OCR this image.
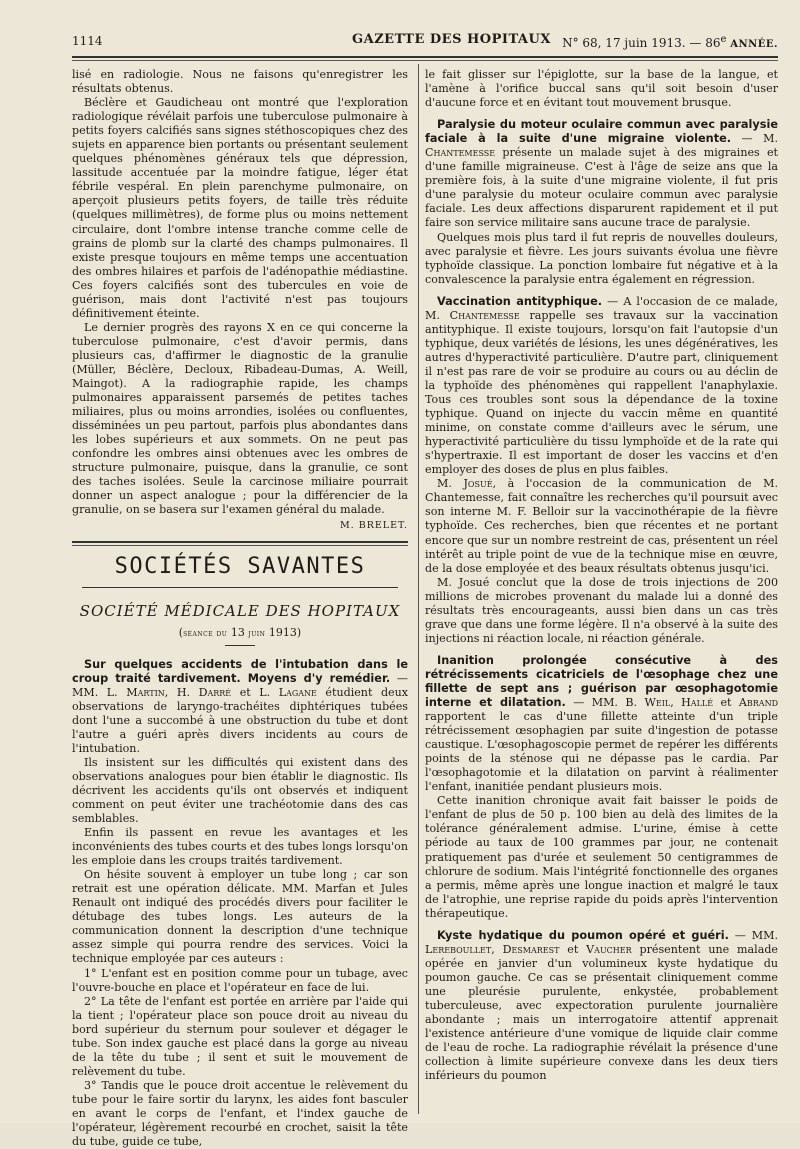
1114	GAZETTE DES HOPITAUX N° 68, 17 juin 1913. — 86e ANNÉE.

lisé en radiologie. Nous ne faisons qu'enregistrer les résultats obtenus.

Béclère et Gaudicheau ont montré que l'exploration radiologique révélait parfois une tuberculose pulmonaire à petits foyers calcifiés sans signes stéthoscopiques chez des sujets en apparence bien portants ou présentant seulement quelques phénomènes généraux tels que dépression, lassitude accentuée par la moindre fatigue, léger état fébrile vespéral. En plein parenchyme pulmonaire, on aperçoit plusieurs petits foyers, de taille très réduite (quelques millimètres), de forme plus ou moins nettement circulaire, dont l'ombre intense tranche comme celle de grains de plomb sur la clarté des champs pulmonaires. Il existe presque toujours en même temps une accentuation des ombres hilaires et parfois de l'adénopathie médiastine. Ces foyers calcifiés sont des tubercules en voie de guérison, mais dont l'activité n'est pas toujours définitivement éteinte.

Le dernier progrès des rayons X en ce qui concerne la tuberculose pulmonaire, c'est d'avoir permis, dans plusieurs cas, d'affirmer le diagnostic de la granulie (Müller, Béclère, Decloux, Ribadeau-Dumas, A. Weill, Maingot). A la radiographie rapide, les champs pulmonaires apparaissent parsemés de petites taches miliaires, plus ou moins arrondies, isolées ou confluentes, disséminées un peu partout, parfois plus abondantes dans les lobes supérieurs et aux sommets. On ne peut pas confondre les ombres ainsi obtenues avec les ombres de structure pulmonaire, puisque, dans la granulie, ce sont des taches isolées. Seule la carcinose miliaire pourrait donner un aspect analogue ; pour la différencier de la granulie, on se basera sur l'examen général du malade.

M. BRELET.
SOCIÉTÉS SAVANTES
SOCIÉTÉ MÉDICALE DES HOPITAUX
(séance du 13 juin 1913)

Sur quelques accidents de l'intubation dans le croup traité tardivement. Moyens d'y remédier. — MM. L. Martin, H. Darré et L. Lagane étudient deux observations de laryngo-trachéites diphtériques tubées dont l'une a succombé à une obstruction du tube et dont l'autre a guéri après divers incidents au cours de l'intubation.

Ils insistent sur les difficultés qui existent dans des observations analogues pour bien établir le diagnostic. Ils décrivent les accidents qu'ils ont observés et indiquent comment on peut éviter une trachéotomie dans des cas semblables.

Enfin ils passent en revue les avantages et les inconvénients des tubes courts et des tubes longs lorsqu'on les emploie dans les croups traités tardivement.

On hésite souvent à employer un tube long ; car son retrait est une opération délicate. MM. Marfan et Jules Renault ont indiqué des procédés divers pour faciliter le détubage des tubes longs. Les auteurs de la communication donnent la description d'une technique assez simple qui pourra rendre des services. Voici la technique employée par ces auteurs :

1° L'enfant est en position comme pour un tubage, avec l'ouvre-bouche en place et l'opérateur en face de lui.

2° La tête de l'enfant est portée en arrière par l'aide qui la tient ; l'opérateur place son pouce droit au niveau du bord supérieur du sternum pour soulever et dégager le tube. Son index gauche est placé dans la gorge au niveau de la tête du tube ; il sent et suit le mouvement de relèvement du tube.

3° Tandis que le pouce droit accentue le relèvement du tube pour le faire sortir du larynx, les aides font basculer en avant le corps de l'enfant, et l'index gauche de l'opérateur, légèrement recourbé en crochet, saisit la tête du tube, guide ce tube,

le fait glisser sur l'épiglotte, sur la base de la langue, et l'amène à l'orifice buccal sans qu'il soit besoin d'user d'aucune force et en évitant tout mouvement brusque.

Paralysie du moteur oculaire commun avec paralysie faciale à la suite d'une migraine violente. — M. Chantemesse présente un malade sujet à des migraines et d'une famille migraineuse. C'est à l'âge de seize ans que la première fois, à la suite d'une migraine violente, il fut pris d'une paralysie du moteur oculaire commun avec paralysie faciale. Les deux affections disparurent rapidement et il put faire son service militaire sans aucune trace de paralysie.

Quelques mois plus tard il fut repris de nouvelles douleurs, avec paralysie et fièvre. Les jours suivants évolua une fièvre typhoïde classique. La ponction lombaire fut négative et à la convalescence la paralysie entra également en régression.

Vaccination antityphique. — A l'occasion de ce malade, M. Chantemesse rappelle ses travaux sur la vaccination antityphique. Il existe toujours, lorsqu'on fait l'autopsie d'un typhique, deux variétés de lésions, les unes dégénératives, les autres d'hyperactivité particulière. D'autre part, cliniquement il n'est pas rare de voir se produire au cours ou au déclin de la typhoïde des phénomènes qui rappellent l'anaphylaxie. Tous ces troubles sont sous la dépendance de la toxine typhique. Quand on injecte du vaccin même en quantité minime, on constate comme d'ailleurs avec le sérum, une hyperactivité particulière du tissu lymphoïde et de la rate qui s'hypertraxie. Il est important de doser les vaccins et d'en employer des doses de plus en plus faibles.

M. Josué, à l'occasion de la communication de M. Chantemesse, fait connaître les recherches qu'il poursuit avec son interne M. F. Belloir sur la vaccinothérapie de la fièvre typhoïde. Ces recherches, bien que récentes et ne portant encore que sur un nombre restreint de cas, présentent un réel intérêt au triple point de vue de la technique mise en œuvre, de la dose employée et des beaux résultats obtenus jusqu'ici.

M. Josué conclut que la dose de trois injections de 200 millions de microbes provenant du malade lui a donné des résultats très encourageants, aussi bien dans un cas très grave que dans une forme légère. Il n'a observé à la suite des injections ni réaction locale, ni réaction générale.

Inanition prolongée consécutive à des rétrécissements cicatriciels de l'œsophage chez une fillette de sept ans ; guérison par œsophagotomie interne et dilatation. — MM. B. Weil, Hallé et Abrand rapportent le cas d'une fillette atteinte d'un triple rétrécissement œsophagien par suite d'ingestion de potasse caustique. L'œsophagoscopie permet de repérer les différents points de la sténose qui ne dépasse pas le cardia. Par l'œsophagotomie et la dilatation on parvint à réalimenter l'enfant, inanitiée pendant plusieurs mois.

Cette inanition chronique avait fait baisser le poids de l'enfant de plus de 50 p. 100 bien au delà des limites de la tolérance généralement admise. L'urine, émise à cette période au taux de 100 grammes par jour, ne contenait pratiquement pas d'urée et seulement 50 centigrammes de chlorure de sodium. Mais l'intégrité fonctionnelle des organes a permis, même après une longue inaction et malgré le taux de l'atrophie, une reprise rapide du poids après l'intervention thérapeutique.

Kyste hydatique du poumon opéré et guéri. — MM. Lereboullet, Desmarest et Vaucher présentent une malade opérée en janvier d'un volumineux kyste hydatique du poumon gauche. Ce cas se présentait cliniquement comme une pleurésie purulente, enkystée, probablement tuberculeuse, avec expectoration purulente journalière abondante ; mais un interrogatoire attentif apprenait l'existence antérieure d'une vomique de liquide clair comme de l'eau de roche. La radiographie révélait la présence d'une collection à limite supérieure convexe dans les deux tiers inférieurs du poumon
